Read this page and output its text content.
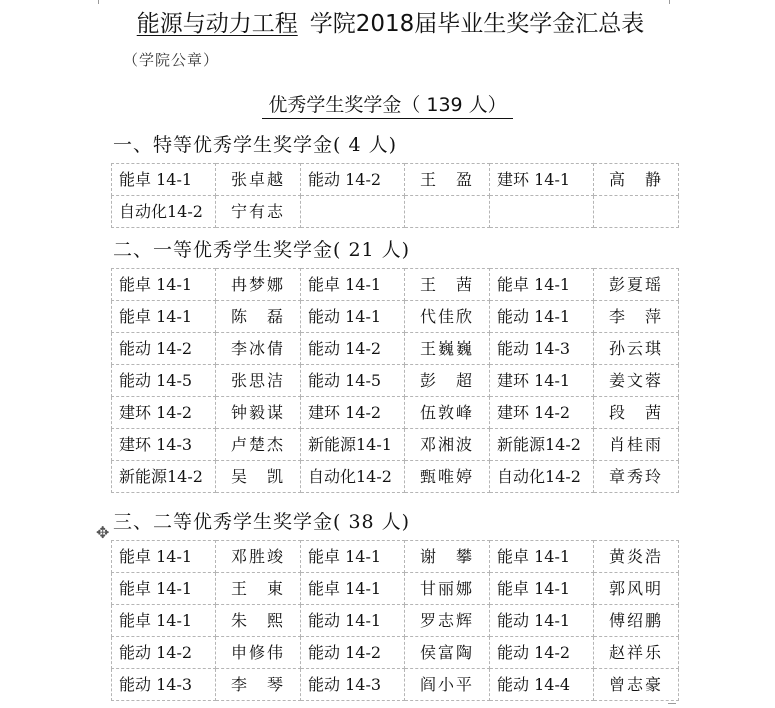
能源与动力工程 学院2018届毕业生奖学金汇总表
（学院公章）
优秀学生奖学金（ 139 人）
一、特等优秀学生奖学金( 4 人)
能卓 14-1	张卓越	能动 14-2	王　盈	建环 14-1	高　静
自动化14-2	宁有志				
二、一等优秀学生奖学金( 21 人)
能卓 14-1	冉梦娜	能卓 14-1	王　茜	能卓 14-1	彭夏瑶
能卓 14-1	陈　磊	能动 14-1	代佳欣	能动 14-1	李　萍
能动 14-2	李冰倩	能动 14-2	王巍巍	能动 14-3	孙云琪
能动 14-5	张思洁	能动 14-5	彭　超	建环 14-1	姜文蓉
建环 14-2	钟毅谋	建环 14-2	伍敦峰	建环 14-2	段　茜
建环 14-3	卢楚杰	新能源14-1	邓湘波	新能源14-2	肖桂雨
新能源14-2	吴　凯	自动化14-2	甄唯婷	自动化14-2	章秀玲
✥ 三、二等优秀学生奖学金( 38 人)
能卓 14-1	邓胜竣	能卓 14-1	谢　攀	能卓 14-1	黄炎浩
能卓 14-1	王　東	能卓 14-1	甘丽娜	能卓 14-1	郭风明
能卓 14-1	朱　熙	能动 14-1	罗志辉	能动 14-1	傅绍鹏
能动 14-2	申修伟	能动 14-2	侯富陶	能动 14-2	赵祥乐
能动 14-3	李　琴	能动 14-3	阎小平	能动 14-4	曾志豪
